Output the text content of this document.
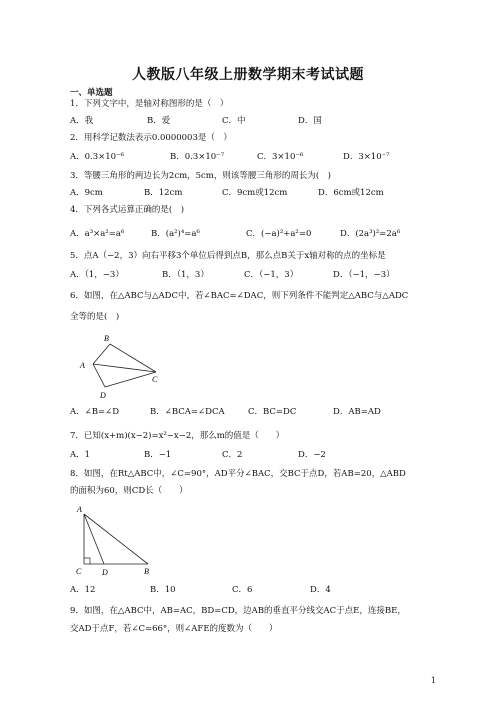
人教版八年级上册数学期末考试试题
一、单选题
1．下列文字中，是轴对称图形的是（　）
A．我	B．爱	C．中	D．国
2．用科学记数法表示0.0000003是（　）
A．0.3×10⁻⁶	B．0.3×10⁻⁷	C．3×10⁻⁶	D．3×10⁻⁷
3．等腰三角形的两边长为2cm，5cm，则该等腰三角形的周长为(　)
A．9cm	B．12cm	C．9cm或12cm	D．6cm或12cm
4．下列各式运算正确的是(　)
A．a³×a²=a⁶	B．(a²)⁴=a⁶	C．(−a)²+a²=0	D．(2a³)²=2a⁶
5．点A（−2，3）向右平移3个单位后得到点B，那么点B关于x轴对称的点的坐标是
A．（1，−3）	B．（1，3）	C．（−1，3）	D．（−1，−3）
6．如图，在△ABC与△ADC中，若∠BAC=∠DAC，则下列条件不能判定△ABC与△ADC
全等的是(　)
B
A
C
D
A．∠B=∠D	B．∠BCA=∠DCA	C．BC=DC	D．AB=AD
7．已知(x+m)(x−2)=x²−x−2，那么m的值是（　　）
A．1	B．−1	C．2	D．−2
8．如图，在Rt△ABC中，∠C=90°，AD平分∠BAC，交BC于点D，若AB=20，△ABD
的面积为60，则CD长（　　）
A
C	D	B
A．12	B．10	C．6	D．4
9．如图，在△ABC中，AB=AC，BD=CD，边AB的垂直平分线交AC于点E，连接BE，
交AD于点F，若∠C=66°，则∠AFE的度数为（　　）
1
